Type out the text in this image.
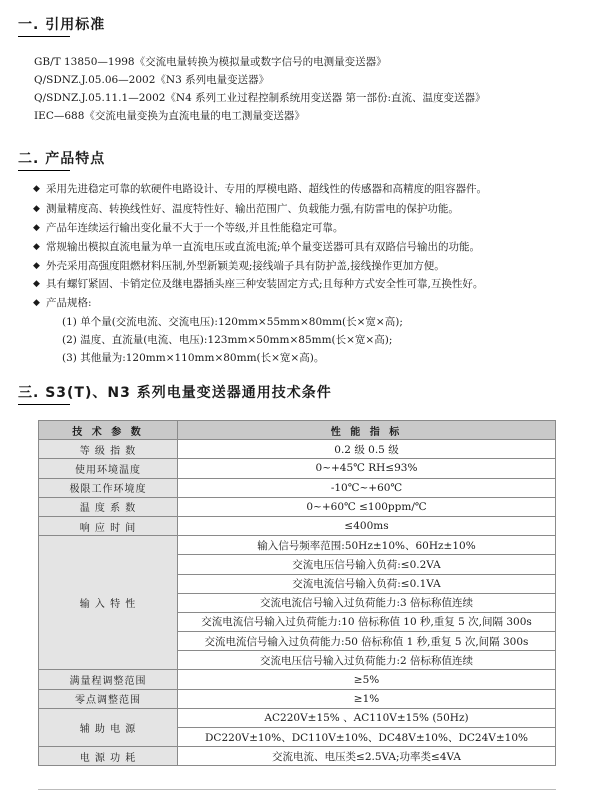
一. 引用标准
GB/T 13850—1998《交流电量转换为模拟量或数字信号的电测量变送器》
Q/SDNZ.J.05.06—2002《N3 系列电量变送器》
Q/SDNZ.J.05.11.1—2002《N4 系列工业过程控制系统用变送器 第一部份:直流、温度变送器》
IEC—688《交流电量变换为直流电量的电工测量变送器》
二. 产品特点
◆ 采用先进稳定可靠的软硬件电路设计、专用的厚模电路、超线性的传感器和高精度的阻容器件。
◆ 测量精度高、转换线性好、温度特性好、输出范围广、负载能力强,有防雷电的保护功能。
◆ 产品年连续运行输出变化量不大于一个等级,并且性能稳定可靠。
◆ 常规输出模拟直流电量为单一直流电压或直流电流;单个量变送器可具有双路信号输出的功能。
◆ 外壳采用高强度阻燃材料压制,外型新颖美观;接线端子具有防护盖,接线操作更加方便。
◆ 具有螺钉紧固、卡销定位及继电器插头座三种安装固定方式;且每种方式安全性可靠,互换性好。
◆ 产品规格:
(1) 单个量(交流电流、交流电压):120mm×55mm×80mm(长×宽×高);
(2) 温度、直流量(电流、电压):123mm×50mm×85mm(长×宽×高);
(3) 其他量为:120mm×110mm×80mm(长×宽×高)。
三. S3(T)、N3 系列电量变送器通用技术条件
技 术 参 数	性 能 指 标
等 级 指 数	0.2 级 0.5 级
使用环境温度	0~+45℃ RH≤93%
极限工作环境度	-10℃~+60℃
温 度 系 数	0~+60℃ ≤100ppm/℃
响 应 时 间	≤400ms
输 入 特 性	输入信号频率范围:50Hz±10%、60Hz±10%
	交流电压信号输入负荷:≤0.2VA
	交流电流信号输入负荷:≤0.1VA
	交流电流信号输入过负荷能力:3 倍标称值连续
	交流电流信号输入过负荷能力:10 倍标称值 10 秒,重复 5 次,间隔 300s
	交流电流信号输入过负荷能力:50 倍标称值 1 秒,重复 5 次,间隔 300s
	交流电压信号输入过负荷能力:2 倍标称值连续
满量程调整范围	≥5%
零点调整范围	≥1%
辅 助 电 源	AC220V±15% 、AC110V±15% (50Hz)
	DC220V±10%、DC110V±10%、DC48V±10%、DC24V±10%
电 源 功 耗	交流电流、电压类≤2.5VA;功率类≤4VA
